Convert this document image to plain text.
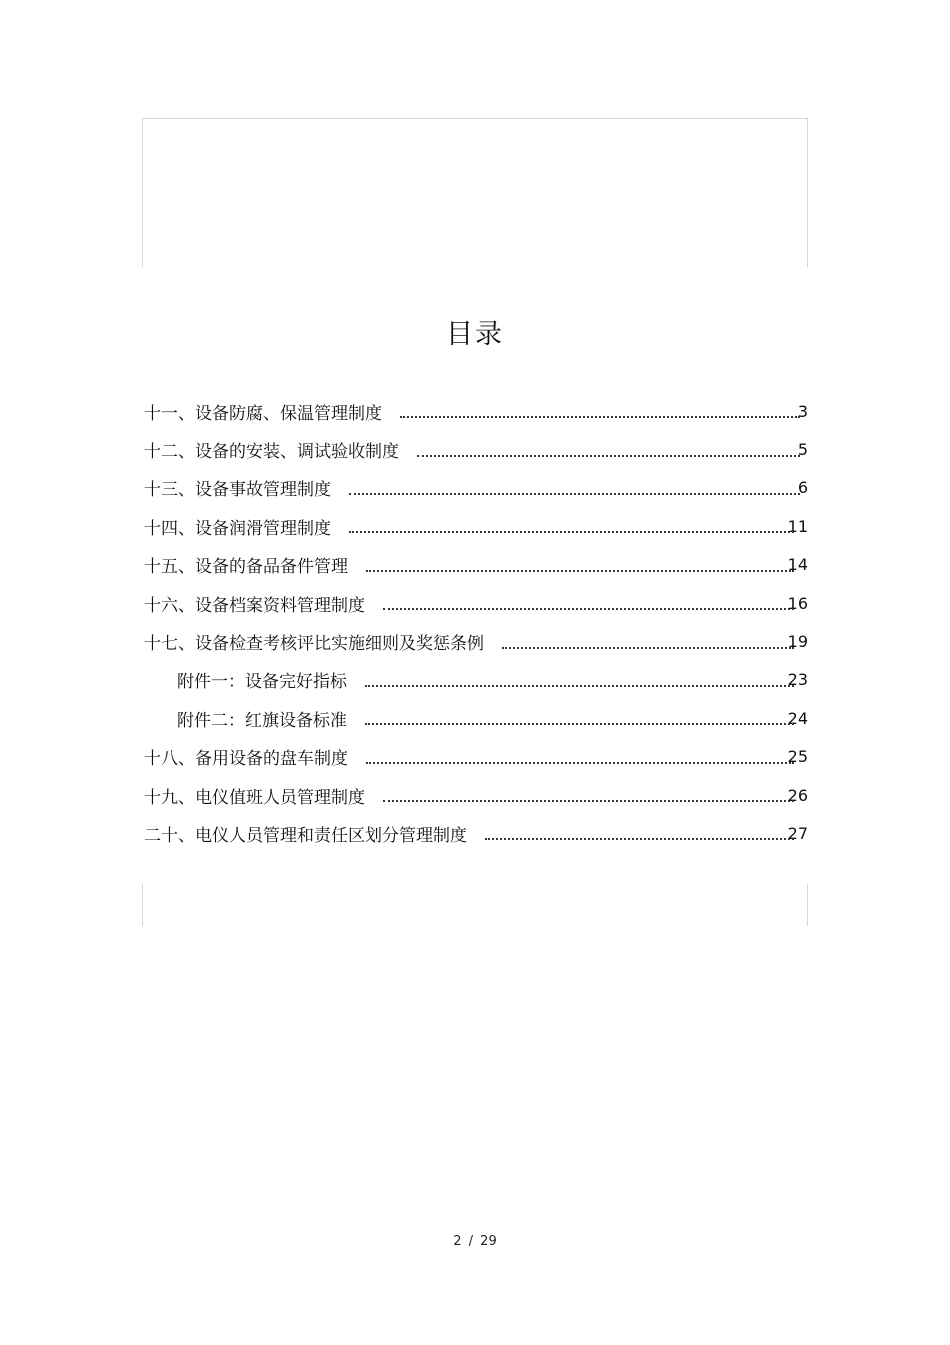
目录
十一、设备防腐、保温管理制度	3
十二、设备的安装、调试验收制度	5
十三、设备事故管理制度	6
十四、设备润滑管理制度	11
十五、设备的备品备件管理	14
十六、设备档案资料管理制度	16
十七、设备检查考核评比实施细则及奖惩条例	19
附件一：设备完好指标	23
附件二：红旗设备标准	24
十八、备用设备的盘车制度	25
十九、电仪值班人员管理制度	26
二十、电仪人员管理和责任区划分管理制度	27
2 / 29
